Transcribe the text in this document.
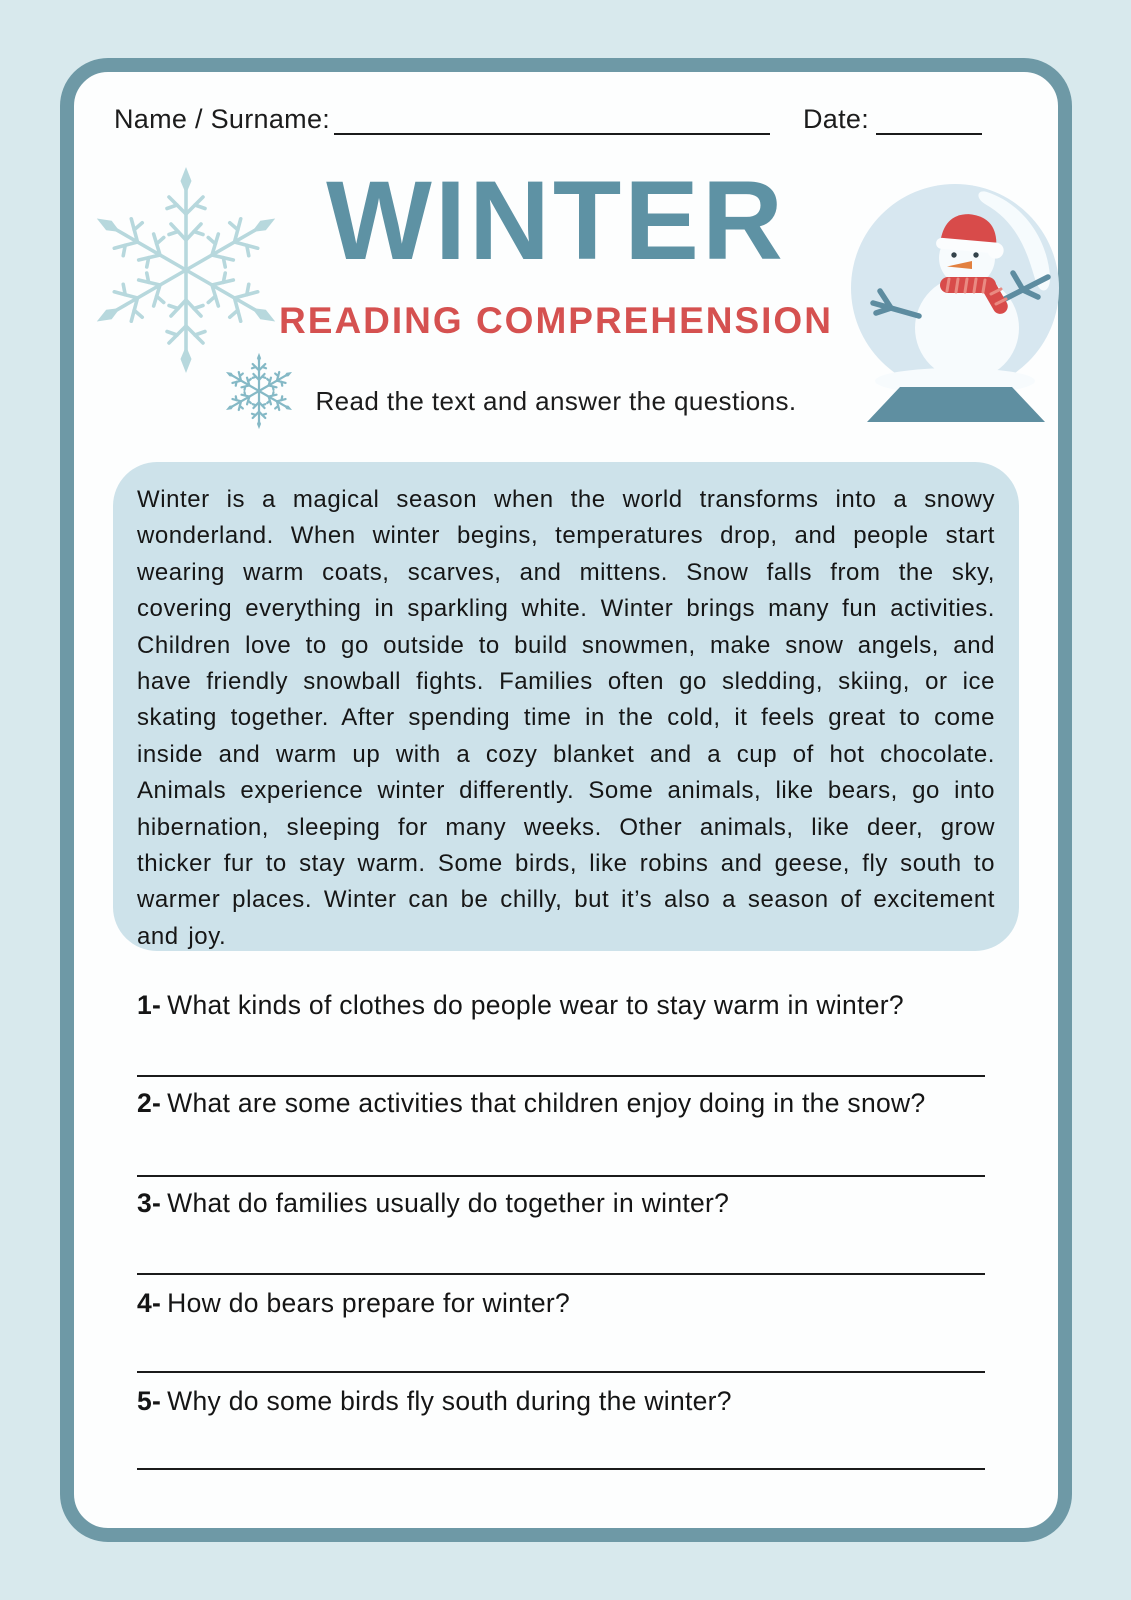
Name / Surname:	Date:
WINTER
READING COMPREHENSION
Read the text and answer the questions.
Winter is a magical season when the world transforms into a snowy wonderland. When winter begins, temperatures drop, and people start wearing warm coats, scarves, and mittens. Snow falls from the sky, covering everything in sparkling white. Winter brings many fun activities. Children love to go outside to build snowmen, make snow angels, and have friendly snowball fights. Families often go sledding, skiing, or ice skating together. After spending time in the cold, it feels great to come inside and warm up with a cozy blanket and a cup of hot chocolate. Animals experience winter differently. Some animals, like bears, go into hibernation, sleeping for many weeks. Other animals, like deer, grow thicker fur to stay warm. Some birds, like robins and geese, fly south to warmer places. Winter can be chilly, but it’s also a season of excitement and joy.
1- What kinds of clothes do people wear to stay warm in winter?
2- What are some activities that children enjoy doing in the snow?
3- What do families usually do together in winter?
4- How do bears prepare for winter?
5- Why do some birds fly south during the winter?
